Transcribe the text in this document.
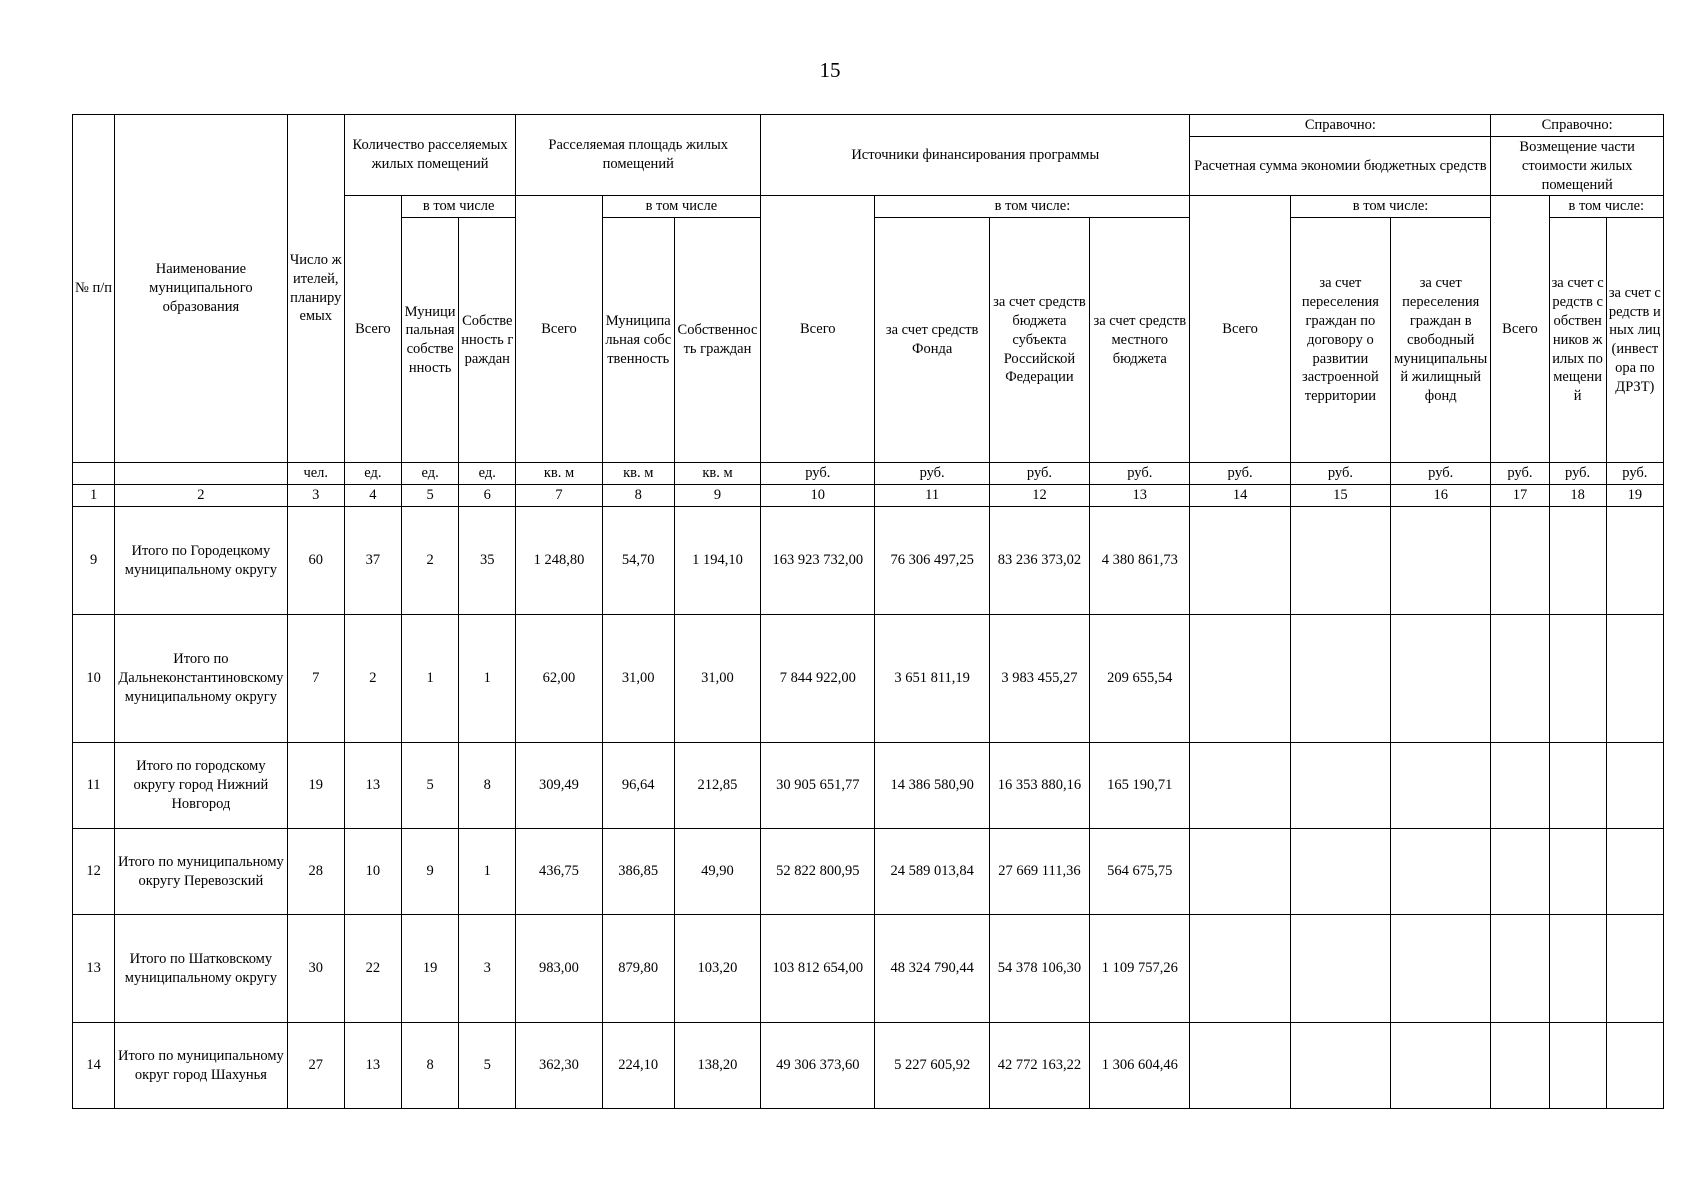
15
№ п/п	Наименование муниципального образования	Число жителей, планируемых	Количество расселяемых жилых помещений			Расселяемая площадь жилых помещений			Источники финансирования программы				Справочно:			Справочно:		
													Расчетная сумма экономии бюджетных средств			Возмещение части стоимости жилых помещений		
			Всего	в том числе		Всего	в том числе		Всего	в том числе:			Всего	в том числе:		Всего	в том числе:	
				Муниципальная собственность	Собственность граждан		Муниципальная собственность	Собственность граждан		за счет средств Фонда	за счет средств бюджета субъекта Российской Федерации	за счет средств местного бюджета		за счет переселения граждан по договору о развитии застроенной территории	за счет переселения граждан в свободный муниципальный жилищный фонд		за счет средств собственников жилых помещений	за счет средств иных лиц (инвестора по ДРЗТ)
		чел.	ед.	ед.	ед.	кв. м	кв. м	кв. м	руб.	руб.	руб.	руб.	руб.	руб.	руб.	руб.	руб.	руб.
1	2	3	4	5	6	7	8	9	10	11	12	13	14	15	16	17	18	19
9	Итого по Городецкому муниципальному округу	60	37	2	35	1 248,80	54,70	1 194,10	163 923 732,00	76 306 497,25	83 236 373,02	4 380 861,73						
10	Итого по Дальнеконстантиновскому муниципальному округу	7	2	1	1	62,00	31,00	31,00	7 844 922,00	3 651 811,19	3 983 455,27	209 655,54						
11	Итого по городскому округу город Нижний Новгород	19	13	5	8	309,49	96,64	212,85	30 905 651,77	14 386 580,90	16 353 880,16	165 190,71						
12	Итого по муниципальному округу Перевозский	28	10	9	1	436,75	386,85	49,90	52 822 800,95	24 589 013,84	27 669 111,36	564 675,75						
13	Итого по Шатковскому муниципальному округу	30	22	19	3	983,00	879,80	103,20	103 812 654,00	48 324 790,44	54 378 106,30	1 109 757,26						
14	Итого по муниципальному округ город Шахунья	27	13	8	5	362,30	224,10	138,20	49 306 373,60	5 227 605,92	42 772 163,22	1 306 604,46						
